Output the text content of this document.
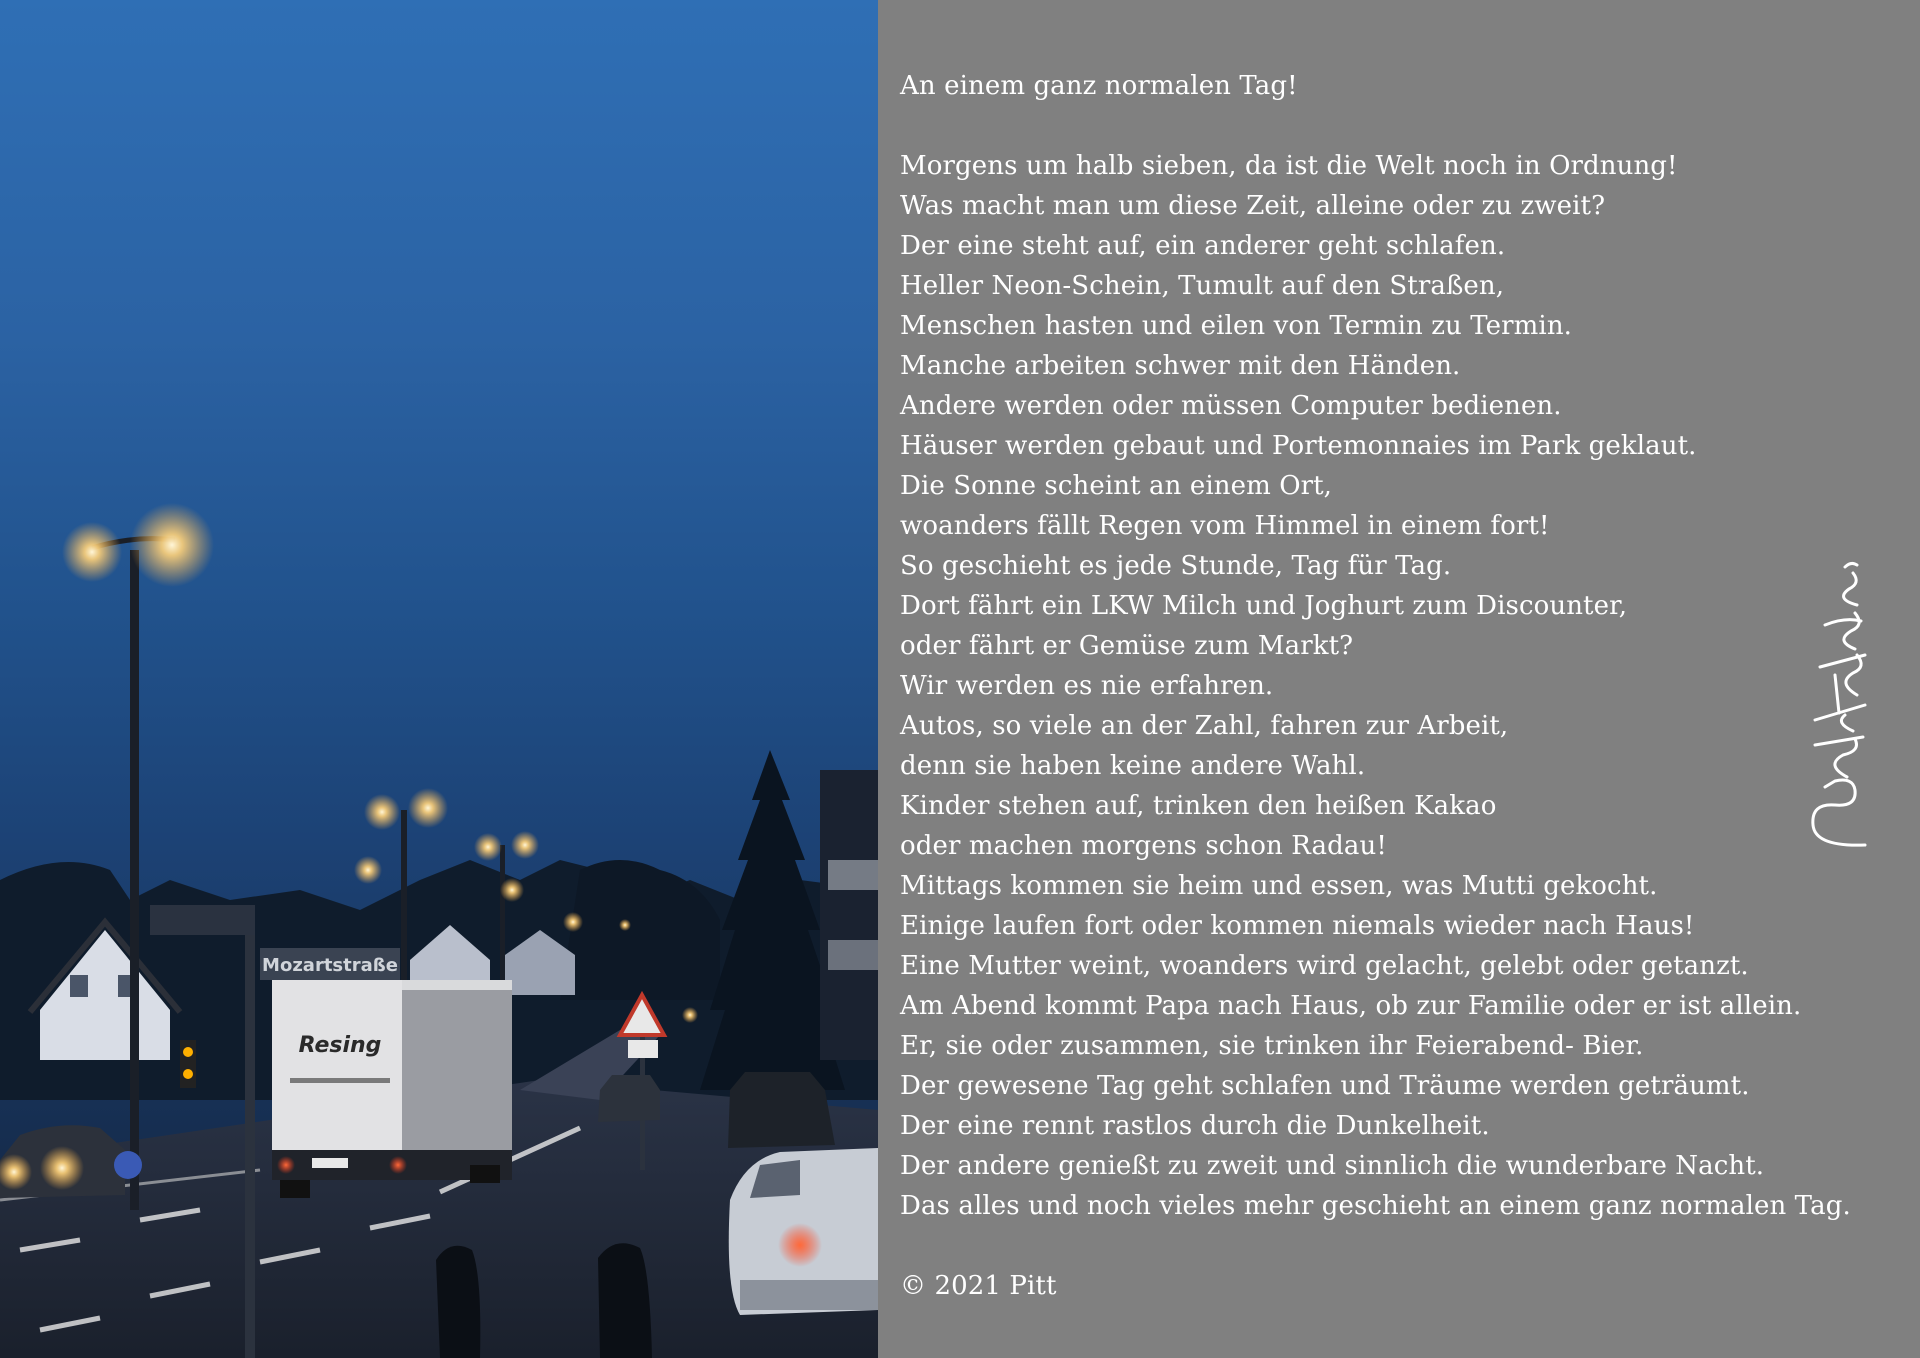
Mozartstraße
Resing
An einem ganz normalen Tag!
Morgens um halb sieben, da ist die Welt noch in Ordnung!
Was macht man um diese Zeit, alleine oder zu zweit?
Der eine steht auf, ein anderer geht schlafen.
Heller Neon-Schein, Tumult auf den Straßen,
Menschen hasten und eilen von Termin zu Termin.
Manche arbeiten schwer mit den Händen.
Andere werden oder müssen Computer bedienen.
Häuser werden gebaut und Portemonnaies im Park geklaut.
Die Sonne scheint an einem Ort,
woanders fällt Regen vom Himmel in einem fort!
So geschieht es jede Stunde, Tag für Tag.
Dort fährt ein LKW Milch und Joghurt zum Discounter,
oder fährt er Gemüse zum Markt?
Wir werden es nie erfahren.
Autos, so viele an der Zahl, fahren zur Arbeit,
denn sie haben keine andere Wahl.
Kinder stehen auf, trinken den heißen Kakao
oder machen morgens schon Radau!
Mittags kommen sie heim und essen, was Mutti gekocht.
Einige laufen fort oder kommen niemals wieder nach Haus!
Eine Mutter weint, woanders wird gelacht, gelebt oder getanzt.
Am Abend kommt Papa nach Haus, ob zur Familie oder er ist allein.
Er, sie oder zusammen, sie trinken ihr Feierabend- Bier.
Der gewesene Tag geht schlafen und Träume werden geträumt.
Der eine rennt rastlos durch die Dunkelheit.
Der andere genießt zu zweit und sinnlich die wunderbare Nacht.
Das alles und noch vieles mehr geschieht an einem ganz normalen Tag.
© 2021 Pitt
